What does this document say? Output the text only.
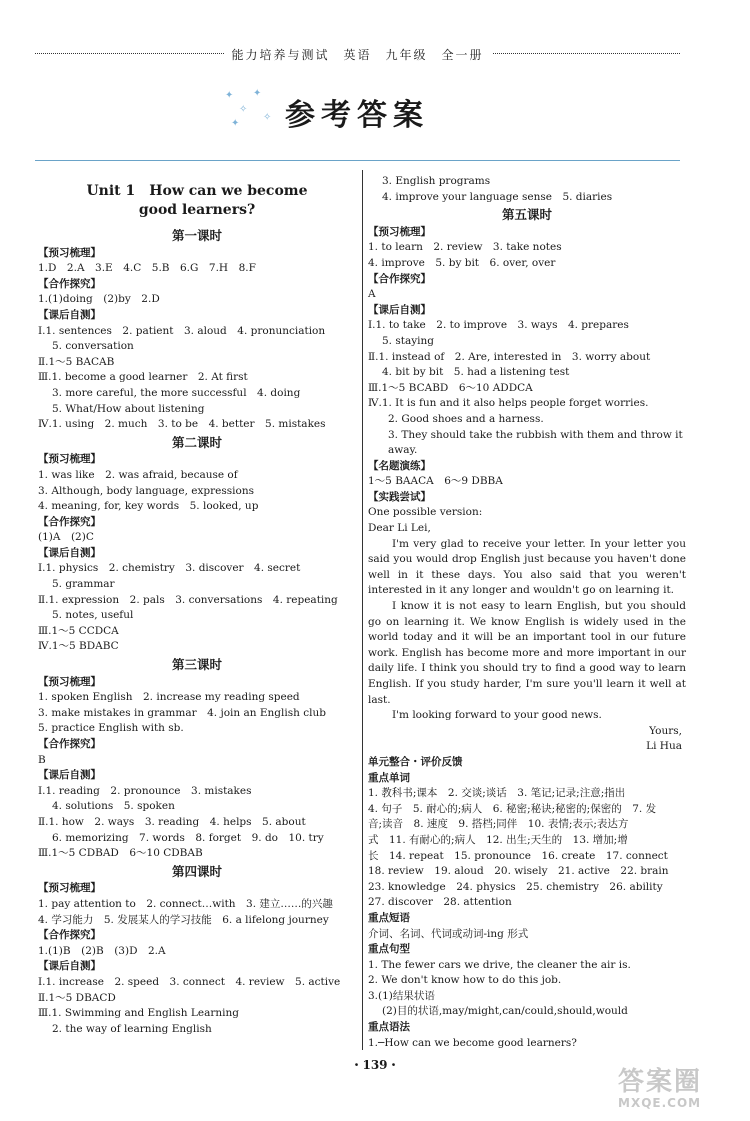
能力培养与测试　英语　九年级　全一册
✦
✧
✦
✧
✦ 参考答案
Unit 1　How can we become
good learners?
第一课时
【预习梳理】
1.D　2.A　3.E　4.C　5.B　6.G　7.H　8.F
【合作探究】
1.(1)doing　(2)by　2.D
【课后自测】
Ⅰ.1. sentences　2. patient　3. aloud　4. pronunciation
5. conversation
Ⅱ.1～5 BACAB
Ⅲ.1. become a good learner　2. At first
3. more careful, the more successful　4. doing
5. What/How about listening
Ⅳ.1. using　2. much　3. to be　4. better　5. mistakes
第二课时
【预习梳理】
1. was like　2. was afraid, because of
3. Although, body language, expressions
4. meaning, for, key words　5. looked, up
【合作探究】
(1)A　(2)C
【课后自测】
Ⅰ.1. physics　2. chemistry　3. discover　4. secret
5. grammar
Ⅱ.1. expression　2. pals　3. conversations　4. repeating
5. notes, useful
Ⅲ.1～5 CCDCA
Ⅳ.1～5 BDABC
第三课时
【预习梳理】
1. spoken English　2. increase my reading speed
3. make mistakes in grammar　4. join an English club
5. practice English with sb.
【合作探究】
B
【课后自测】
Ⅰ.1. reading　2. pronounce　3. mistakes
4. solutions　5. spoken
Ⅱ.1. how　2. ways　3. reading　4. helps　5. about
6. memorizing　7. words　8. forget　9. do　10. try
Ⅲ.1～5 CDBAD　6～10 CDBAB
第四课时
【预习梳理】
1. pay attention to　2. connect…with　3. 建立……的兴趣
4. 学习能力　5. 发展某人的学习技能　6. a lifelong journey
【合作探究】
1.(1)B　(2)B　(3)D　2.A
【课后自测】
Ⅰ.1. increase　2. speed　3. connect　4. review　5. active
Ⅱ.1～5 DBACD
Ⅲ.1. Swimming and English Learning
2. the way of learning English
3. English programs
4. improve your language sense　5. diaries
第五课时
【预习梳理】
1. to learn　2. review　3. take notes
4. improve　5. by bit　6. over, over
【合作探究】
A
【课后自测】
Ⅰ.1. to take　2. to improve　3. ways　4. prepares
5. staying
Ⅱ.1. instead of　2. Are, interested in　3. worry about
4. bit by bit　5. had a listening test
Ⅲ.1～5 BCABD　6～10 ADDCA
Ⅳ.1. It is fun and it also helps people forget worries.
2. Good shoes and a harness.
3. They should take the rubbish with them and throw it
away.
【名题演练】
1～5 BAACA　6～9 DBBA
【实践尝试】
One possible version:
Dear Li Lei,
I'm very glad to receive your letter. In your letter you said you would drop English just because you haven't done well in it these days. You also said that you weren't interested in it any longer and wouldn't go on learning it.
I know it is not easy to learn English, but you should go on learning it. We know English is widely used in the world today and it will be an important tool in our future work. English has become more and more important in our daily life. I think you should try to find a good way to learn English. If you study harder, I'm sure you'll learn it well at last.
I'm looking forward to your good news.
Yours,
Li Hua
单元整合・评价反馈
重点单词
1. 教科书;课本　2. 交谈;谈话　3. 笔记;记录;注意;指出
4. 句子　5. 耐心的;病人　6. 秘密;秘诀;秘密的;保密的　7. 发
音;读音　8. 速度　9. 搭档;同伴　10. 表情;表示;表达方
式　11. 有耐心的;病人　12. 出生;天生的　13. 增加;增
长　14. repeat　15. pronounce　16. create　17. connect
18. review　19. aloud　20. wisely　21. active　22. brain
23. knowledge　24. physics　25. chemistry　26. ability
27. discover　28. attention
重点短语
介词、名词、代词或动词-ing 形式
重点句型
1. The fewer cars we drive, the cleaner the air is.
2. We don't know how to do this job.
3.(1)结果状语
(2)目的状语,may/might,can/could,should,would
重点语法
1.─How can we become good learners?
・139・
答案圈
MXQE.COM
